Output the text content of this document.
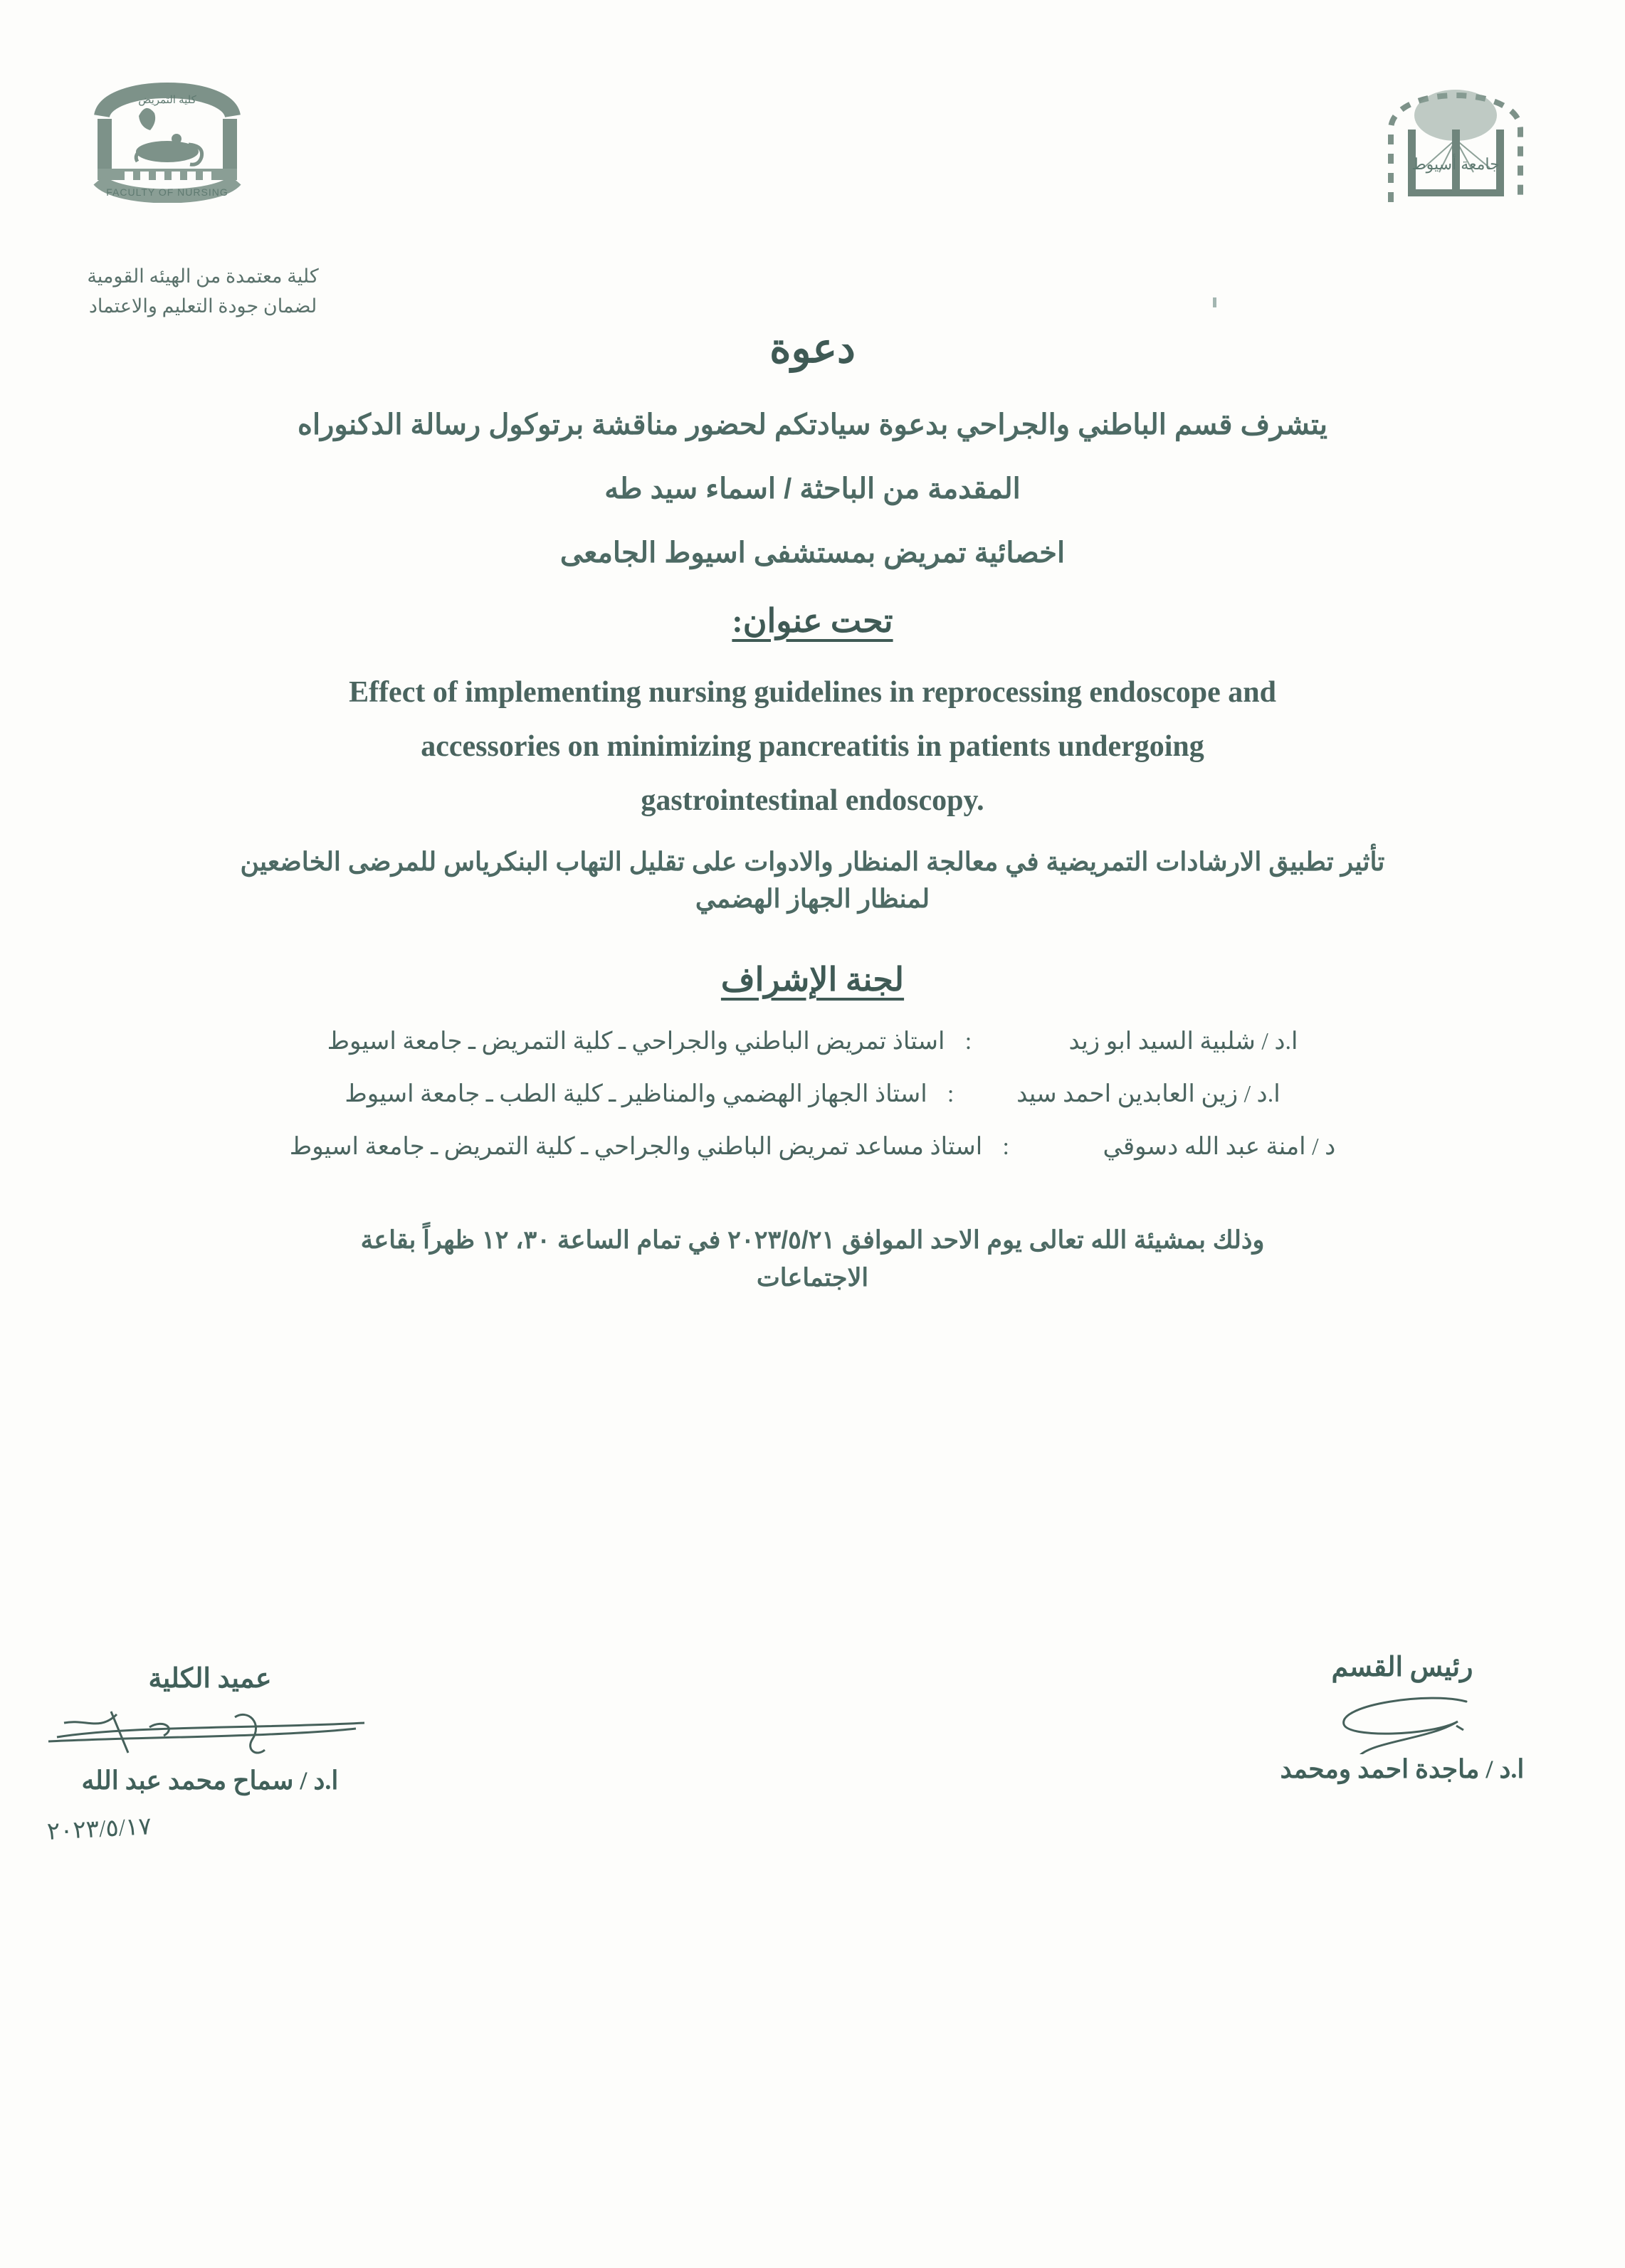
كلية التمريض
FACULTY OF NURSING
جامعة أسيوط
كلية معتمدة من الهيئه القومية
لضمان جودة التعليم والاعتماد
دعوة
يتشرف قسم الباطني والجراحي بدعوة سيادتكم لحضور مناقشة برتوكول رسالة الدكنوراه
المقدمة من الباحثة / اسماء سيد طه
اخصائية تمريض بمستشفى اسيوط الجامعى
تحت عنوان:
Effect of implementing nursing guidelines in reprocessing endoscope and
accessories on minimizing pancreatitis in patients undergoing
gastrointestinal endoscopy.
تأثير تطبيق الارشادات التمريضية في معالجة المنظار والادوات على تقليل التهاب البنكرياس للمرضى الخاضعين
لمنظار الجهاز الهضمي
لجنة الإشراف
ا.د / شلبية السيد ابو زيد
:
استاذ تمريض الباطني والجراحي ـ كلية التمريض ـ جامعة اسيوط
ا.د / زين العابدين احمد سيد
:
استاذ الجهاز الهضمي والمناظير ـ كلية الطب ـ جامعة اسيوط
د / امنة عبد الله دسوقي
:
استاذ مساعد تمريض الباطني والجراحي ـ كلية التمريض ـ جامعة اسيوط
وذلك بمشيئة الله تعالى يوم الاحد الموافق ٢٠٢٣/٥/٢١ في تمام الساعة ٣٠، ١٢ ظهراً بقاعة
الاجتماعات
رئيس القسم
ا.د / ماجدة احمد ومحمد
عميد الكلية
٢٠٢٣/٥/١٧
ا.د / سماح محمد عبد الله
